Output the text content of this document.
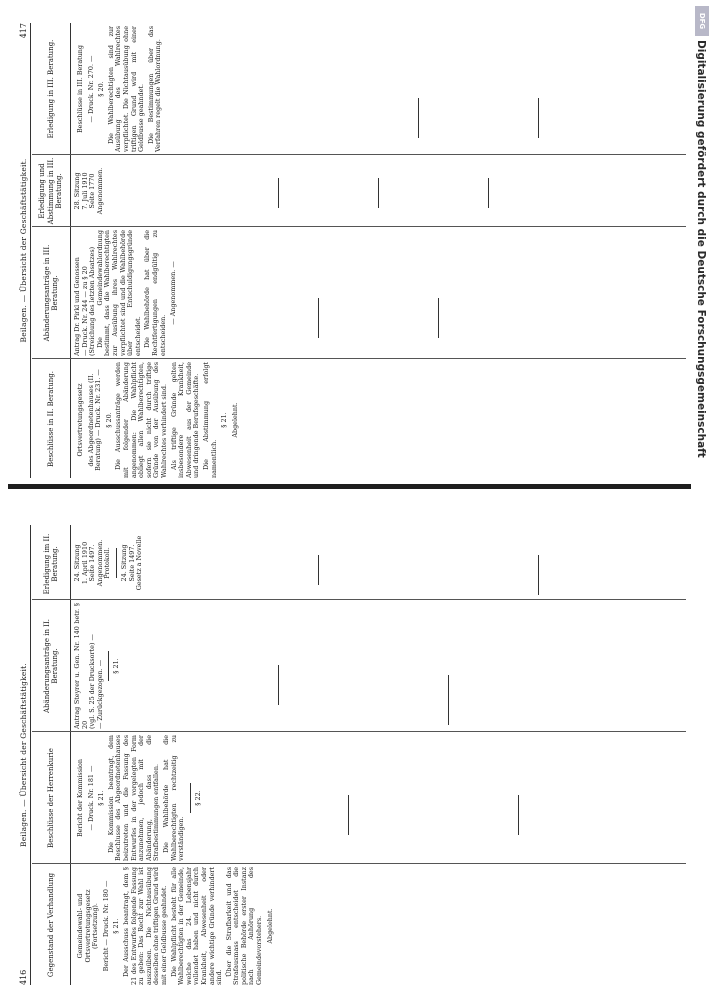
416
Beilagen. — Übersicht der Geschäftstätigkeit.
Gegenstand der Verhandlung
Beschlüsse der Herrenkurie
Abänderungsanträge in II. Beratung.
Erledigung im II. Beratung.
Gemeindewahl- und Ortsvertretungsgesetz (Fortsetzung). Bericht — Druck. Nr. 180 — § 21. Der Ausschuss beantragt, dem § 21 des Entwurfes folgende Fassung zu geben: Das Recht zur Wahl ist auszuüben. Die Nichtausübung desselben ohne triftigen Grund wird mit einer Geldbusse geahndet. Die Wahlpflicht besteht für alle Wahlberechtigten in der Gemeinde, welche das 24. Lebensjahr vollendet haben und nicht durch Krankheit, Abwesenheit oder andere wichtige Gründe verhindert sind.

Über die Strafbarkeit und das Strafausmass entscheidet die politische Behörde erster Instanz nach Anhörung des Gemeindevorstehers. Abgelehnt.
Bericht der Kommission — Druck. Nr. 181 — § 21. Die Kommission beantragt, dem Beschlusse des Abgeordnetenhauses beizutreten und die Fassung des Entwurfes in der vorgelegten Form anzunehmen, jedoch mit der Abänderung, dass die Strafbestimmungen entfallen. Die Wahlbehörde hat die Wahlberechtigten rechtzeitig zu verständigen.

§ 22.
Antrag Steyrer u. Gen. Nr. 140 betr. § 20 (vgl. S. 25 der Drucksorte) — — Zurückgezogen. — § 21.
24. Sitzung 1. April 1910 Seite 1497. Angenommen. Protokoll. 24. Sitzung Seite 1497. Gesetz a Novelle
Beilagen. — Übersicht der Geschäftstätigkeit.
417
Beschlüsse in II. Beratung.
Abänderungsanträge in III. Beratung.
Erledigung und Abstimmung in III. Beratung.
Erledigung in III. Beratung.
Ortsvertretungsgesetz des Abgeordnetenhauses (II. Beratung) — Druck. Nr. 231. — § 20. Die Ausschussanträge werden mit folgender Abänderung angenommen: Die Wahlpflicht obliegt allen Wahlberechtigten, sofern sie nicht durch triftige Gründe von der Ausübung des Wahlrechtes verhindert sind. Als triftige Gründe gelten insbesondere Krankheit, Abwesenheit aus der Gemeinde und dringende Berufsgeschäfte. Die Abstimmung erfolgt namentlich.

§ 21. Abgelehnt.
Antrag Dr. Pirkl und Genossen — Druck. Nr. 244 — zu § 20 (Streichung des letzten Absatzes) Die Gemeindewahlordnung bestimmt, dass die Wahlberechtigten zur Ausübung ihres Wahlrechtes verpflichtet sind und die Wahlbehörde über Entschuldigungsgründe entscheidet. Die Wahlbehörde hat über die Rechtfertigungen endgültig zu entscheiden.

— Angenommen. —
28. Sitzung 7. Juli 1910 Seite 1770 Angenommen.
Beschlüsse in III. Beratung — Druck. Nr. 270. — § 20. Die Wahlberechtigten sind zur Ausübung des Wahlrechtes verpflichtet. Die Nichtausübung ohne triftigen Grund wird mit einer Geldbusse geahndet. Die Bestimmungen über das Verfahren regelt die Wahlordnung.

DFG
Digitalisierung gefördert durch die Deutsche Forschungsgemeinschaft
